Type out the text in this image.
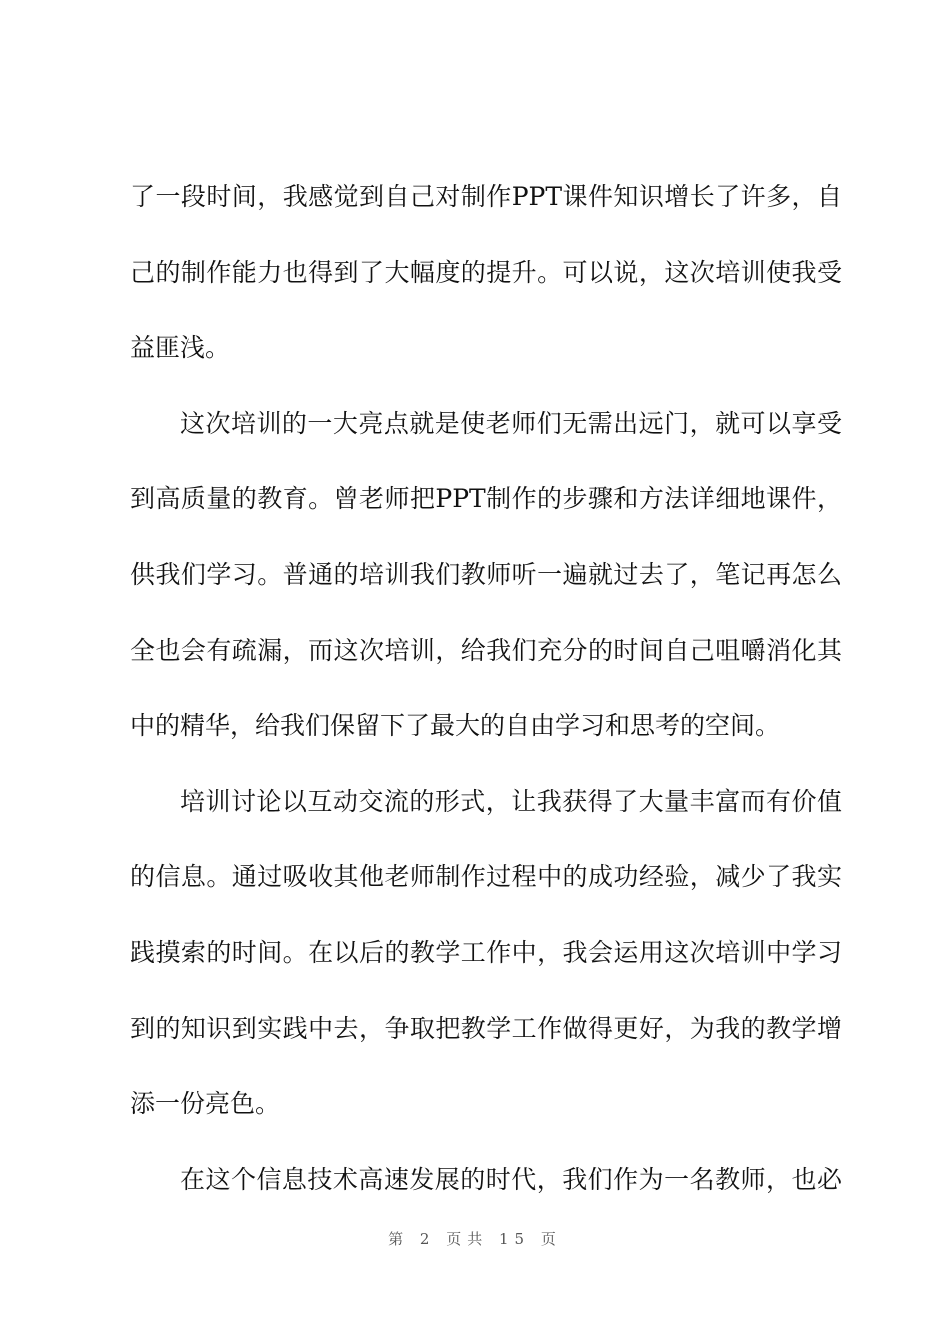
了一段时间，我感觉到自己对制作PPT课件知识增长了许多，自
己的制作能力也得到了大幅度的提升。可以说，这次培训使我受
益匪浅。
这次培训的一大亮点就是使老师们无需出远门，就可以享受
到高质量的教育。曾老师把PPT制作的步骤和方法详细地课件，
供我们学习。普通的培训我们教师听一遍就过去了，笔记再怎么
全也会有疏漏，而这次培训，给我们充分的时间自己咀嚼消化其
中的精华，给我们保留下了最大的自由学习和思考的空间。
培训讨论以互动交流的形式，让我获得了大量丰富而有价值
的信息。通过吸收其他老师制作过程中的成功经验，减少了我实
践摸索的时间。在以后的教学工作中，我会运用这次培训中学习
到的知识到实践中去，争取把教学工作做得更好，为我的教学增
添一份亮色。
在这个信息技术高速发展的时代，我们作为一名教师，也必
第 2 页共 15 页
